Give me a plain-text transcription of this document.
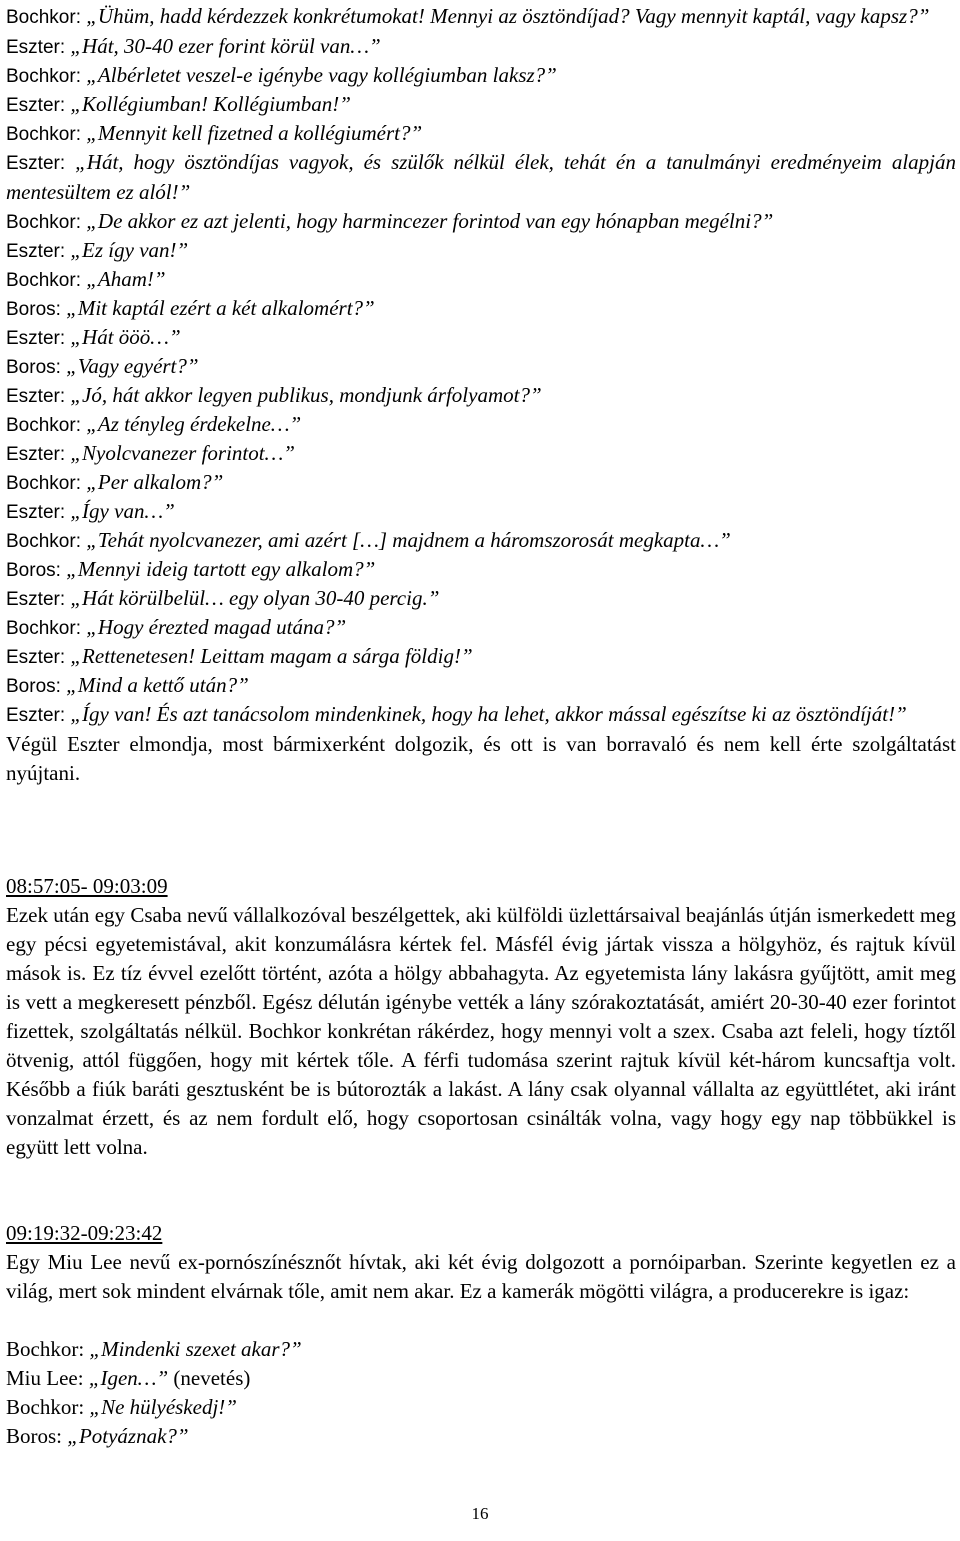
Bochkor: „Ühüm, hadd kérdezzek konkrétumokat! Mennyi az ösztöndíjad? Vagy mennyit kaptál, vagy kapsz?”
Eszter: „Hát, 30-40 ezer forint körül van…”
Bochkor: „Albérletet veszel-e igénybe vagy kollégiumban laksz?”
Eszter: „Kollégiumban! Kollégiumban!”
Bochkor: „Mennyit kell fizetned a kollégiumért?”
Eszter: „Hát, hogy ösztöndíjas vagyok, és szülők nélkül élek, tehát én a tanulmányi eredményeim alapján mentesültem ez alól!”
Bochkor: „De akkor ez azt jelenti, hogy harmincezer forintod van egy hónapban megélni?”
Eszter: „Ez így van!”
Bochkor: „Aham!”
Boros: „Mit kaptál ezért a két alkalomért?”
Eszter: „Hát ööö…”
Boros: „Vagy egyért?”
Eszter: „Jó, hát akkor legyen publikus, mondjunk árfolyamot?”
Bochkor: „Az tényleg érdekelne…”
Eszter: „Nyolcvanezer forintot…”
Bochkor: „Per alkalom?”
Eszter: „Így van…”
Bochkor: „Tehát nyolcvanezer, ami azért […] majdnem a háromszorosát megkapta…”
Boros: „Mennyi ideig tartott egy alkalom?”
Eszter: „Hát körülbelül… egy olyan 30-40 percig.”
Bochkor: „Hogy érezted magad utána?”
Eszter: „Rettenetesen! Leittam magam a sárga földig!”
Boros: „Mind a kettő után?”
Eszter: „Így van! És azt tanácsolom mindenkinek, hogy ha lehet, akkor mással egészítse ki az ösztöndíját!”
Végül Eszter elmondja, most bármixerként dolgozik, és ott is van borravaló és nem kell érte szolgáltatást nyújtani.
08:57:05- 09:03:09
Ezek után egy Csaba nevű vállalkozóval beszélgettek, aki külföldi üzlettársaival beajánlás útján ismerkedett meg egy pécsi egyetemistával, akit konzumálásra kértek fel. Másfél évig jártak vissza a hölgyhöz, és rajtuk kívül mások is. Ez tíz évvel ezelőtt történt, azóta a hölgy abbahagyta. Az egyetemista lány lakásra gyűjtött, amit meg is vett a megkeresett pénzből. Egész délután igénybe vették a lány szórakoztatását, amiért 20-30-40 ezer forintot fizettek, szolgáltatás nélkül. Bochkor konkrétan rákérdez, hogy mennyi volt a szex. Csaba azt feleli, hogy tíztől ötvenig, attól függően, hogy mit kértek tőle. A férfi tudomása szerint rajtuk kívül két-három kuncsaftja volt. Később a fiúk baráti gesztusként be is bútorozták a lakást. A lány csak olyannal vállalta az együttlétet, aki iránt vonzalmat érzett, és az nem fordult elő, hogy csoportosan csinálták volna, vagy hogy egy nap többükkel is együtt lett volna.
09:19:32-09:23:42
Egy Miu Lee nevű ex-pornószínésznőt hívtak, aki két évig dolgozott a pornóiparban. Szerinte kegyetlen ez a világ, mert sok mindent elvárnak tőle, amit nem akar. Ez a kamerák mögötti világra, a producerekre is igaz:
Bochkor: „Mindenki szexet akar?”
Miu Lee: „Igen…” (nevetés)
Bochkor: „Ne hülyéskedj!”
Boros: „Potyáznak?”
16
